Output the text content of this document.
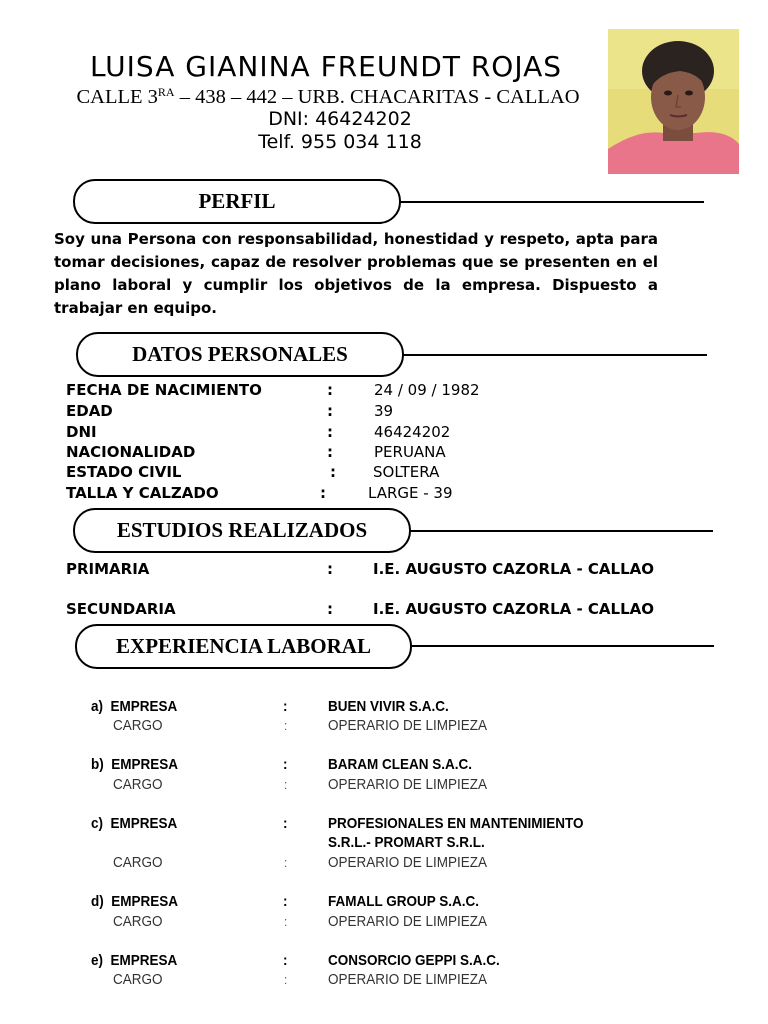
LUISA GIANINA FREUNDT ROJAS
CALLE $3^{RA} - 438 - 442$ – URB. CHACARITAS - CALLAO
DNI: 46424202
Telf. 955 034 118
PERFIL
Soy una Persona con responsabilidad, honestidad y respeto, apta para tomar decisiones, capaz de resolver problemas que se presenten en el plano laboral y cumplir los objetivos de la empresa. Dispuesto a trabajar en equipo.
DATOS PERSONALES
FECHA DE NACIMIENTO	:	24 / 09 / 1982
EDAD	:	39
DNI	:	46424202
NACIONALIDAD	:	PERUANA
ESTADO CIVIL	: SOLTERA
TALLA Y CALZADO	:	LARGE - 39
ESTUDIOS REALIZADOS
PRIMARIA	:	I.E. AUGUSTO CAZORLA - CALLAO
SECUNDARIA	:	I.E. AUGUSTO CAZORLA - CALLAO
EXPERIENCIA LABORAL
a) EMPRESA	:	BUEN VIVIR S.A.C.
CARGO	:	OPERARIO DE LIMPIEZA
b) EMPRESA	:	BARAM CLEAN S.A.C.
CARGO	:	OPERARIO DE LIMPIEZA
c) EMPRESA	:	PROFESIONALES EN MANTENIMIENTO
S.R.L.- PROMART S.R.L.
CARGO	:	OPERARIO DE LIMPIEZA
d) EMPRESA	:	FAMALL GROUP S.A.C.
CARGO	:	OPERARIO DE LIMPIEZA
e) EMPRESA	:	CONSORCIO GEPPI S.A.C.
CARGO	:	OPERARIO DE LIMPIEZA
